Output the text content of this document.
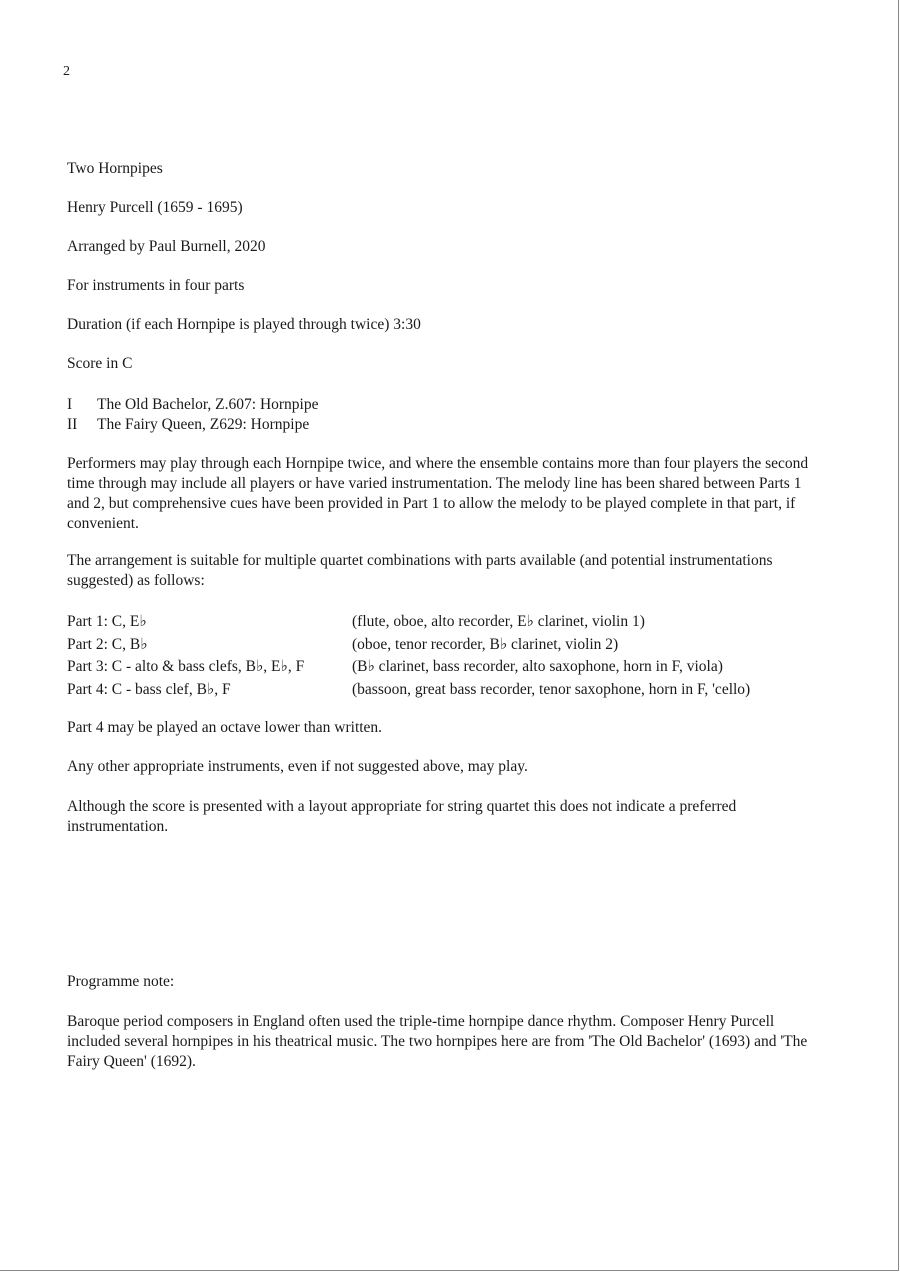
2
Two Hornpipes
Henry Purcell (1659 - 1695)
Arranged by Paul Burnell, 2020
For instruments in four parts
Duration (if each Hornpipe is played through twice) 3:30
Score in C
I	The Old Bachelor, Z.607: Hornpipe
II	The Fairy Queen, Z629: Hornpipe
Performers may play through each Hornpipe twice, and where the ensemble contains more than four players the second time through may include all players or have varied instrumentation. The melody line has been shared between Parts 1 and 2, but comprehensive cues have been provided in Part 1 to allow the melody to be played complete in that part, if convenient.
The arrangement is suitable for multiple quartet combinations with parts available (and potential instrumentations suggested) as follows:
Part 1: C, E♭	(flute, oboe, alto recorder, E♭ clarinet, violin 1)
Part 2: C, B♭	(oboe, tenor recorder, B♭ clarinet, violin 2)
Part 3: C - alto & bass clefs, B♭, E♭, F	(B♭ clarinet, bass recorder, alto saxophone, horn in F, viola)
Part 4: C - bass clef, B♭, F	(bassoon, great bass recorder, tenor saxophone, horn in F, 'cello)
Part 4 may be played an octave lower than written.
Any other appropriate instruments, even if not suggested above, may play.
Although the score is presented with a layout appropriate for string quartet this does not indicate a preferred instrumentation.
Programme note:
Baroque period composers in England often used the triple-time hornpipe dance rhythm. Composer Henry Purcell included several hornpipes in his theatrical music. The two hornpipes here are from 'The Old Bachelor' (1693) and 'The Fairy Queen' (1692).
